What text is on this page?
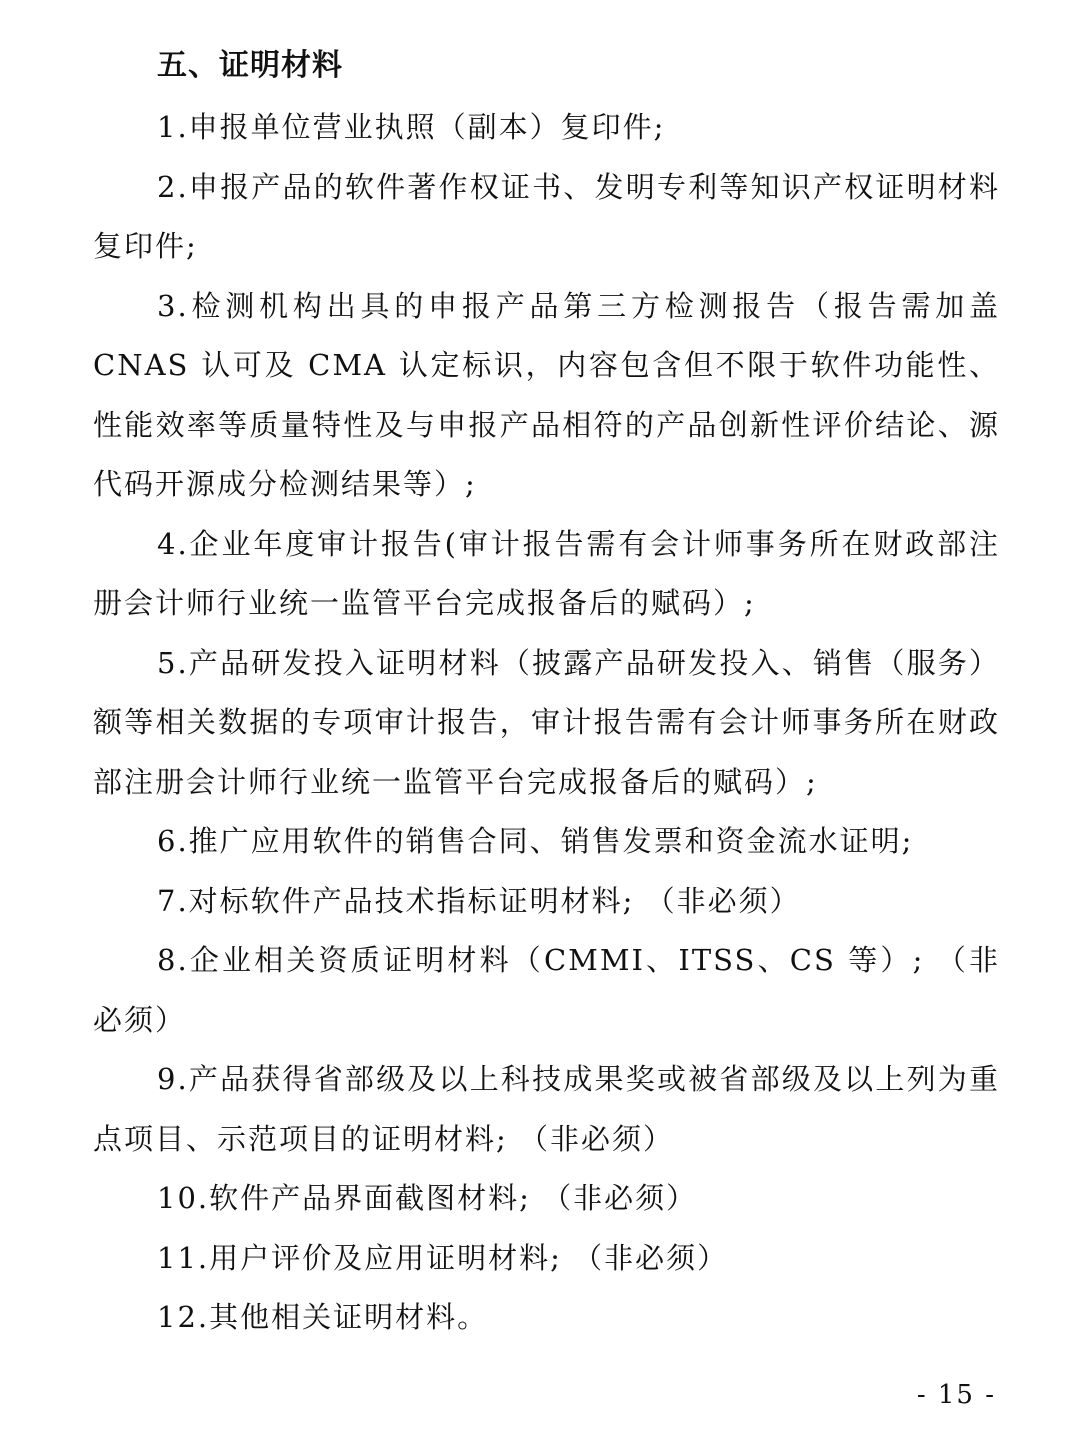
五、证明材料

1.申报单位营业执照（副本）复印件;

2.申报产品的软件著作权证书、发明专利等知识产权证明材料复印件;

3.检测机构出具的申报产品第三方检测报告（报告需加盖 CNAS 认可及 CMA 认定标识，内容包含但不限于软件功能性、性能效率等质量特性及与申报产品相符的产品创新性评价结论、源代码开源成分检测结果等）;

4.企业年度审计报告(审计报告需有会计师事务所在财政部注册会计师行业统一监管平台完成报备后的赋码）;

5.产品研发投入证明材料（披露产品研发投入、销售（服务）额等相关数据的专项审计报告，审计报告需有会计师事务所在财政部注册会计师行业统一监管平台完成报备后的赋码）;

6.推广应用软件的销售合同、销售发票和资金流水证明;

7.对标软件产品技术指标证明材料; （非必须）

8.企业相关资质证明材料（CMMI、ITSS、CS 等）; （非必须）

9.产品获得省部级及以上科技成果奖或被省部级及以上列为重点项目、示范项目的证明材料; （非必须）

10.软件产品界面截图材料; （非必须）

11.用户评价及应用证明材料; （非必须）

12.其他相关证明材料。

- 15 -
